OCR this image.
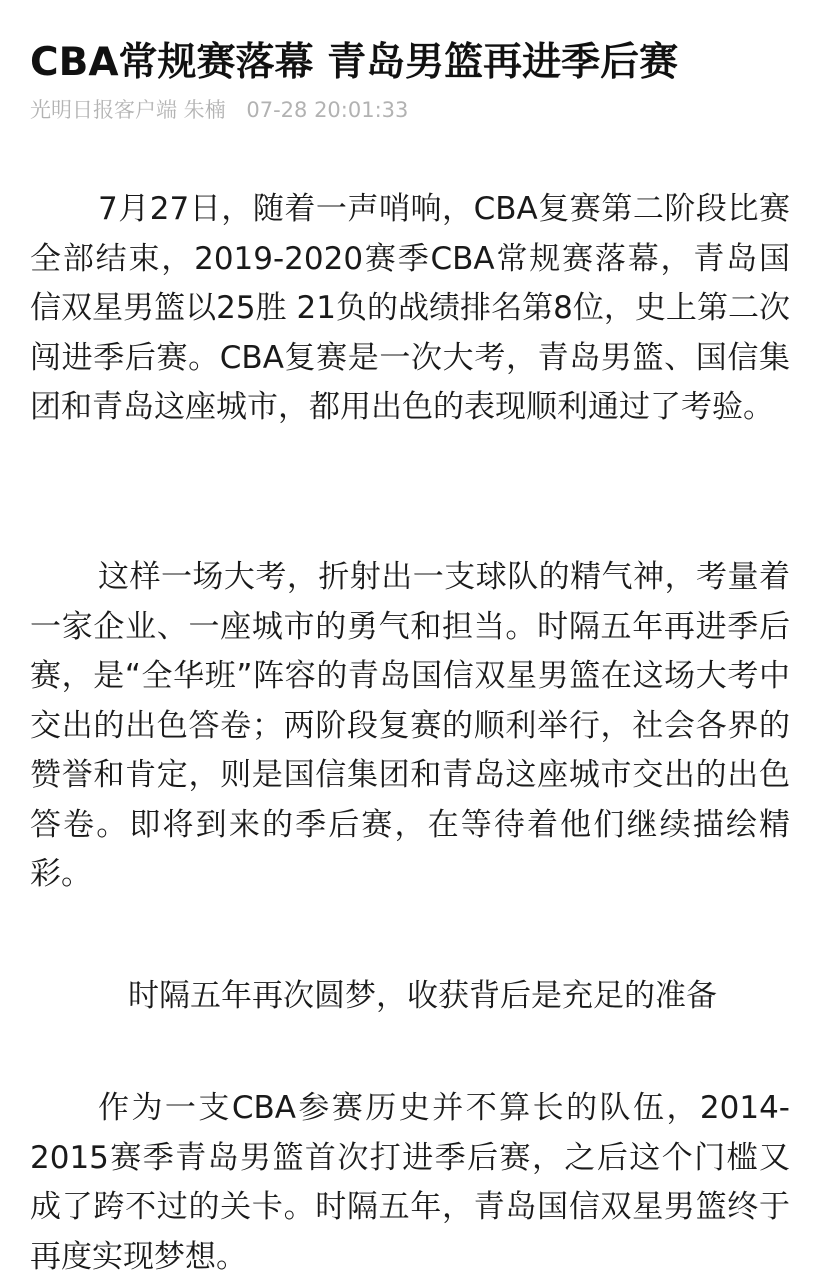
CBA常规赛落幕 青岛男篮再进季后赛
光明日报客户端 朱楠 07-28 20:01:33

7月27日，随着一声哨响，CBA复赛第二阶段比赛全部结束，2019-2020赛季CBA常规赛落幕，青岛国信双星男篮以25胜 21负的战绩排名第8位，史上第二次闯进季后赛。CBA复赛是一次大考，青岛男篮、国信集团和青岛这座城市，都用出色的表现顺利通过了考验。

这样一场大考，折射出一支球队的精气神，考量着一家企业、一座城市的勇气和担当。时隔五年再进季后赛，是“全华班”阵容的青岛国信双星男篮在这场大考中交出的出色答卷；两阶段复赛的顺利举行，社会各界的赞誉和肯定，则是国信集团和青岛这座城市交出的出色答卷。即将到来的季后赛，在等待着他们继续描绘精彩。

时隔五年再次圆梦，收获背后是充足的准备

作为一支CBA参赛历史并不算长的队伍，2014-2015赛季青岛男篮首次打进季后赛，之后这个门槛又成了跨不过的关卡。时隔五年，青岛国信双星男篮终于再度实现梦想。
